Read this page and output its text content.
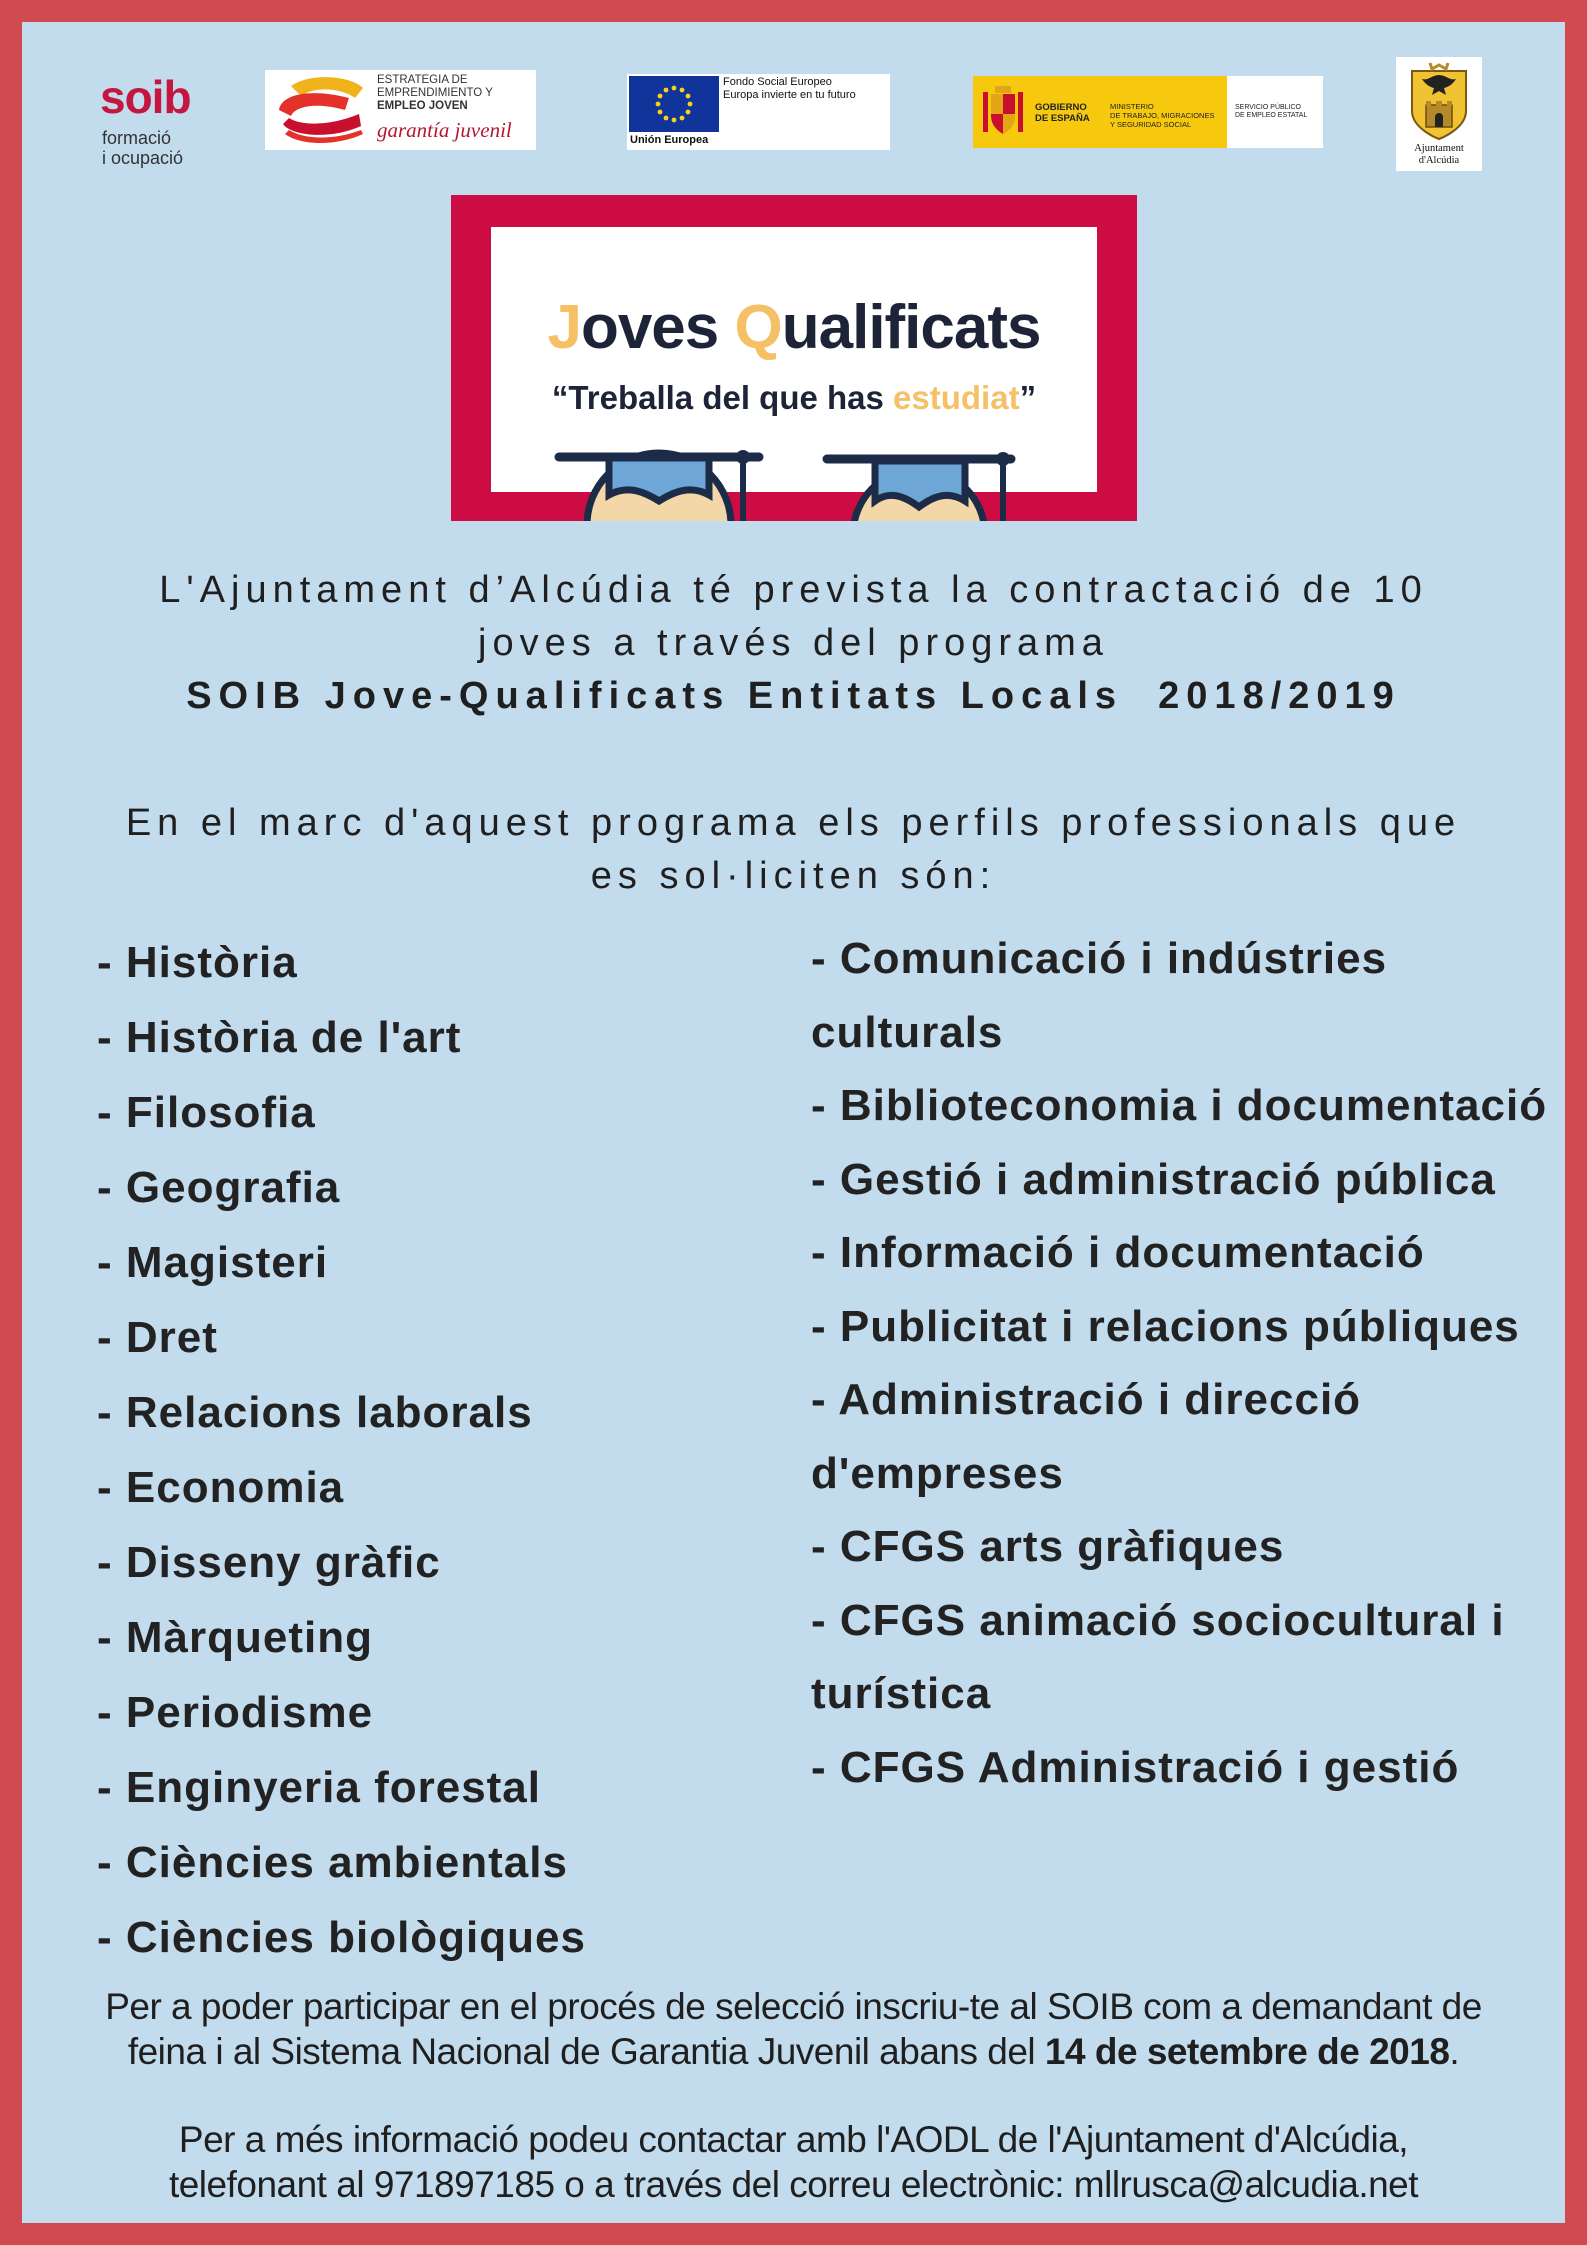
soib
formació
i ocupació
ESTRATEGIA DE
EMPRENDIMIENTO Y
EMPLEO JOVEN
garantía juvenil
Fondo Social Europeo
Europa invierte en tu futuro
Unión Europea
GOBIERNO
DE ESPAÑA
MINISTERIO
DE TRABAJO, MIGRACIONES
Y SEGURIDAD SOCIAL
SERVICIO PÚBLICO
DE EMPLEO ESTATAL
Ajuntament
d'Alcúdia
Joves Qualificats
“Treballa del que has estudiat”
L'Ajuntament d’Alcúdia té prevista la contractació de 10
joves a través del programa
SOIB Jove-Qualificats Entitats Locals  2018/2019
En el marc d'aquest programa els perfils professionals que
es sol·liciten són:
- Història
- Història de l'art
- Filosofia
- Geografia
- Magisteri
- Dret
- Relacions laborals
- Economia
- Disseny gràfic
- Màrqueting
- Periodisme
- Enginyeria forestal
- Ciències ambientals
- Ciències biològiques
- Comunicació i indústries culturals
- Biblioteconomia i documentació
- Gestió i administració pública
- Informació i documentació
- Publicitat i relacions públiques
- Administració i direcció d'empreses
- CFGS arts gràfiques
- CFGS animació sociocultural i turística
- CFGS Administració i gestió
Per a poder participar en el procés de selecció inscriu-te al SOIB com a demandant de
feina i al Sistema Nacional de Garantia Juvenil abans del 14 de setembre de 2018.
Per a més informació podeu contactar amb l'AODL de l'Ajuntament d'Alcúdia,
telefonant al 971897185 o a través del correu electrònic: mllrusca@alcudia.net
